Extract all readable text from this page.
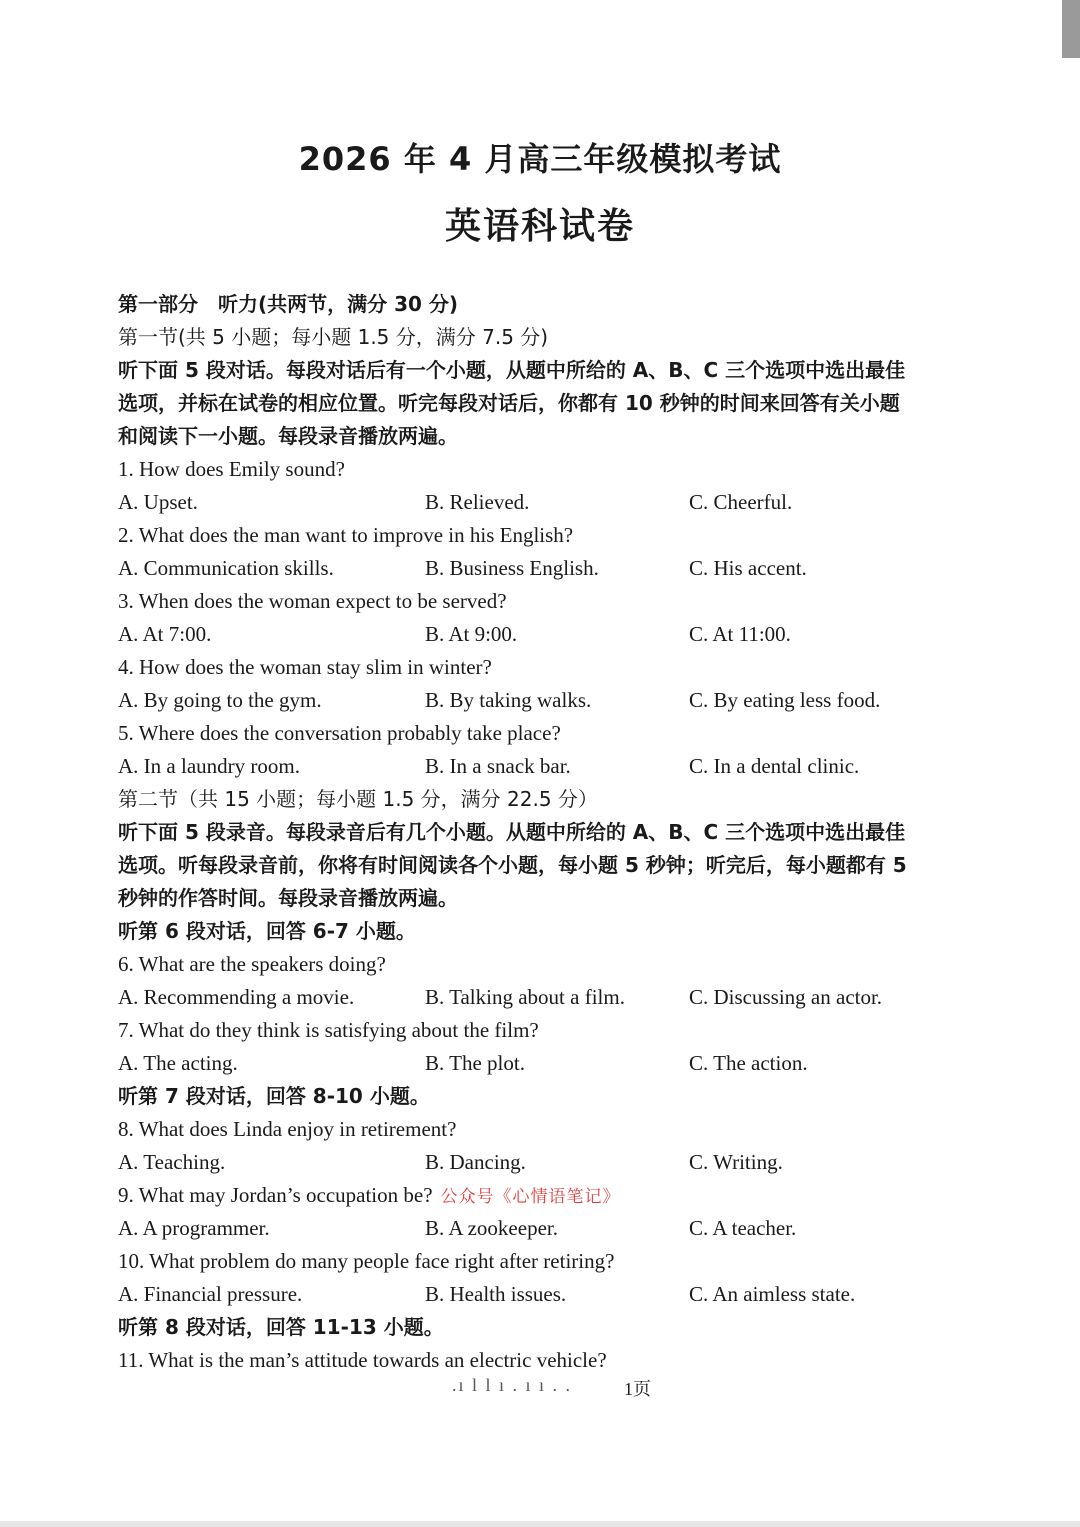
2026 年 4 月高三年级模拟考试
英语科试卷
第一部分　听力(共两节，满分 30 分)
第一节(共 5 小题；每小题 1.5 分，满分 7.5 分)
听下面 5 段对话。每段对话后有一个小题，从题中所给的 A、B、C 三个选项中选出最佳
选项，并标在试卷的相应位置。听完每段对话后，你都有 10 秒钟的时间来回答有关小题
和阅读下一小题。每段录音播放两遍。
1. How does Emily sound?
A. Upset.	B. Relieved.	C. Cheerful.
2. What does the man want to improve in his English?
A. Communication skills.	B. Business English.	C. His accent.
3. When does the woman expect to be served?
A. At 7:00.	B. At 9:00.	C. At 11:00.
4. How does the woman stay slim in winter?
A. By going to the gym.	B. By taking walks.	C. By eating less food.
5. Where does the conversation probably take place?
A. In a laundry room.	B. In a snack bar.	C. In a dental clinic.
第二节（共 15 小题；每小题 1.5 分，满分 22.5 分）
听下面 5 段录音。每段录音后有几个小题。从题中所给的 A、B、C 三个选项中选出最佳
选项。听每段录音前，你将有时间阅读各个小题，每小题 5 秒钟；听完后，每小题都有 5
秒钟的作答时间。每段录音播放两遍。
听第 6 段对话，回答 6-7 小题。
6. What are the speakers doing?
A. Recommending a movie.	B. Talking about a film.	C. Discussing an actor.
7. What do they think is satisfying about the film?
A. The acting.	B. The plot.	C. The action.
听第 7 段对话，回答 8-10 小题。
8. What does Linda enjoy in retirement?
A. Teaching.	B. Dancing.	C. Writing.
9. What may Jordan’s occupation be? 公众号《心情语笔记》
A. A programmer.	B. A zookeeper.	C. A teacher.
10. What problem do many people face right after retiring?
A. Financial pressure.	B. Health issues.	C. An aimless state.
听第 8 段对话，回答 11-13 小题。
11. What is the man’s attitude towards an electric vehicle?
.ı l l ı . ı ı . .	1页
